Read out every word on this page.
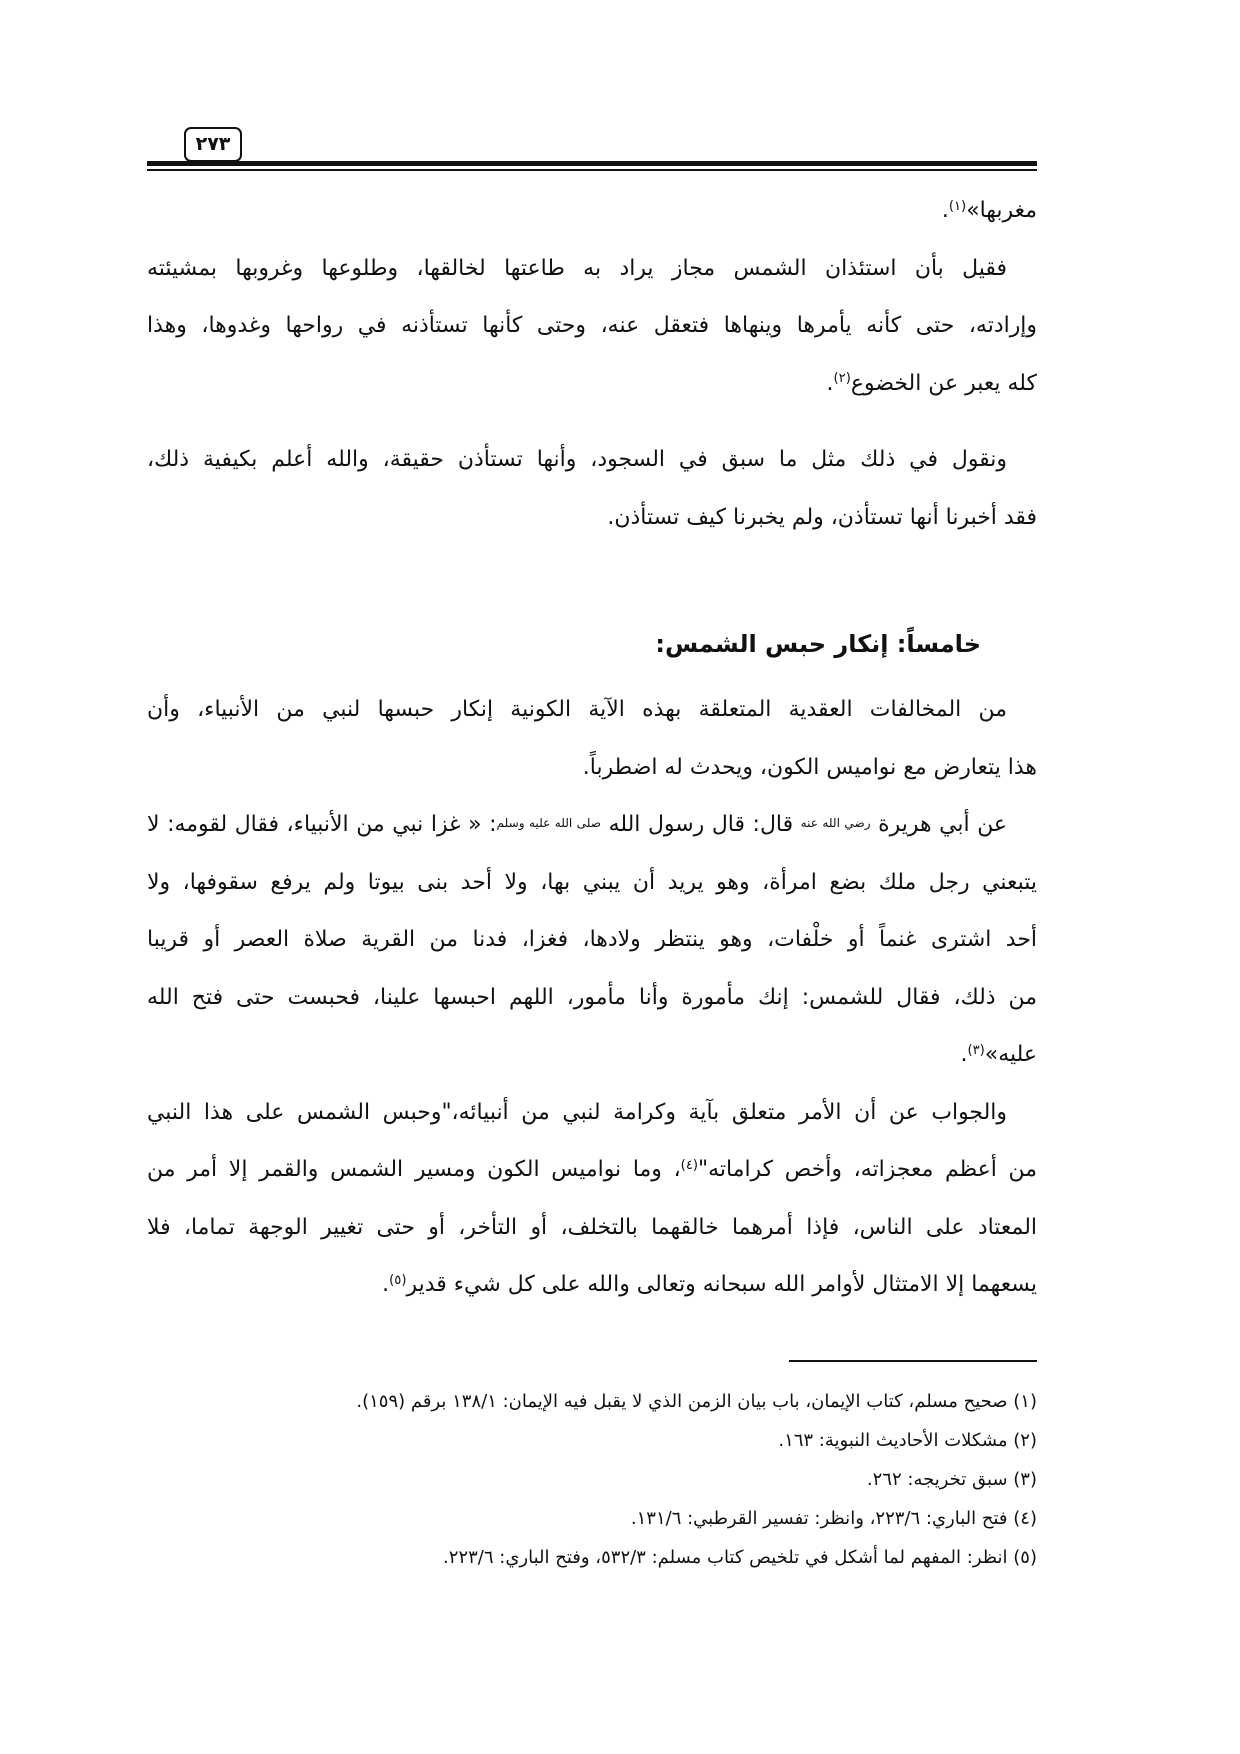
٢٧٣
مغربها»$^{(١)}$.
فقيل بأن استئذان الشمس مجاز يراد به طاعتها لخالقها، وطلوعها وغروبها بمشيئته
وإرادته، حتى كأنه يأمرها وينهاها فتعقل عنه، وحتى كأنها تستأذنه في رواحها وغدوها، وهذا
كله يعبر عن الخضوع$^{(٢)}$.
ونقول في ذلك مثل ما سبق في السجود، وأنها تستأذن حقيقة، والله أعلم بكيفية ذلك،
فقد أخبرنا أنها تستأذن، ولم يخبرنا كيف تستأذن.
خامساً: إنكار حبس الشمس:
من المخالفات العقدية المتعلقة بهذه الآية الكونية إنكار حبسها لنبي من الأنبياء، وأن
هذا يتعارض مع نواميس الكون، ويحدث له اضطرباً.
عن أبي هريرة رضي الله عنه قال: قال رسول الله صلى الله عليه وسلم: « غزا نبي من الأنبياء، فقال لقومه: لا
يتبعني رجل ملك بضع امرأة، وهو يريد أن يبني بها، ولا أحد بنى بيوتا ولم يرفع سقوفها، ولا
أحد اشترى غنماً أو خلْفات، وهو ينتظر ولادها، فغزا، فدنا من القرية صلاة العصر أو قريبا
من ذلك، فقال للشمس: إنك مأمورة وأنا مأمور، اللهم احبسها علينا، فحبست حتى فتح الله
عليه»$^{(٣)}$.
والجواب عن أن الأمر متعلق بآية وكرامة لنبي من أنبيائه،"وحبس الشمس على هذا النبي
من أعظم معجزاته، وأخص كراماته"$^{(٤)}$، وما نواميس الكون ومسير الشمس والقمر إلا أمر من
المعتاد على الناس، فإذا أمرهما خالقهما بالتخلف، أو التأخر، أو حتى تغيير الوجهة تماما، فلا
يسعهما إلا الامتثال لأوامر الله سبحانه وتعالى والله على كل شيء قدير$^{(٥)}$.
(١) صحيح مسلم، كتاب الإيمان، باب بيان الزمن الذي لا يقبل فيه الإيمان: ١٣٨/١ برقم (١٥٩).
(٢) مشكلات الأحاديث النبوية: ١٦٣.
(٣) سبق تخريجه: ٢٦٢.
(٤) فتح الباري: ٢٢٣/٦، وانظر: تفسير القرطبي: ١٣١/٦.
(٥) انظر: المفهم لما أشكل في تلخيص كتاب مسلم: ٥٣٢/٣، وفتح الباري: ٢٢٣/٦.
